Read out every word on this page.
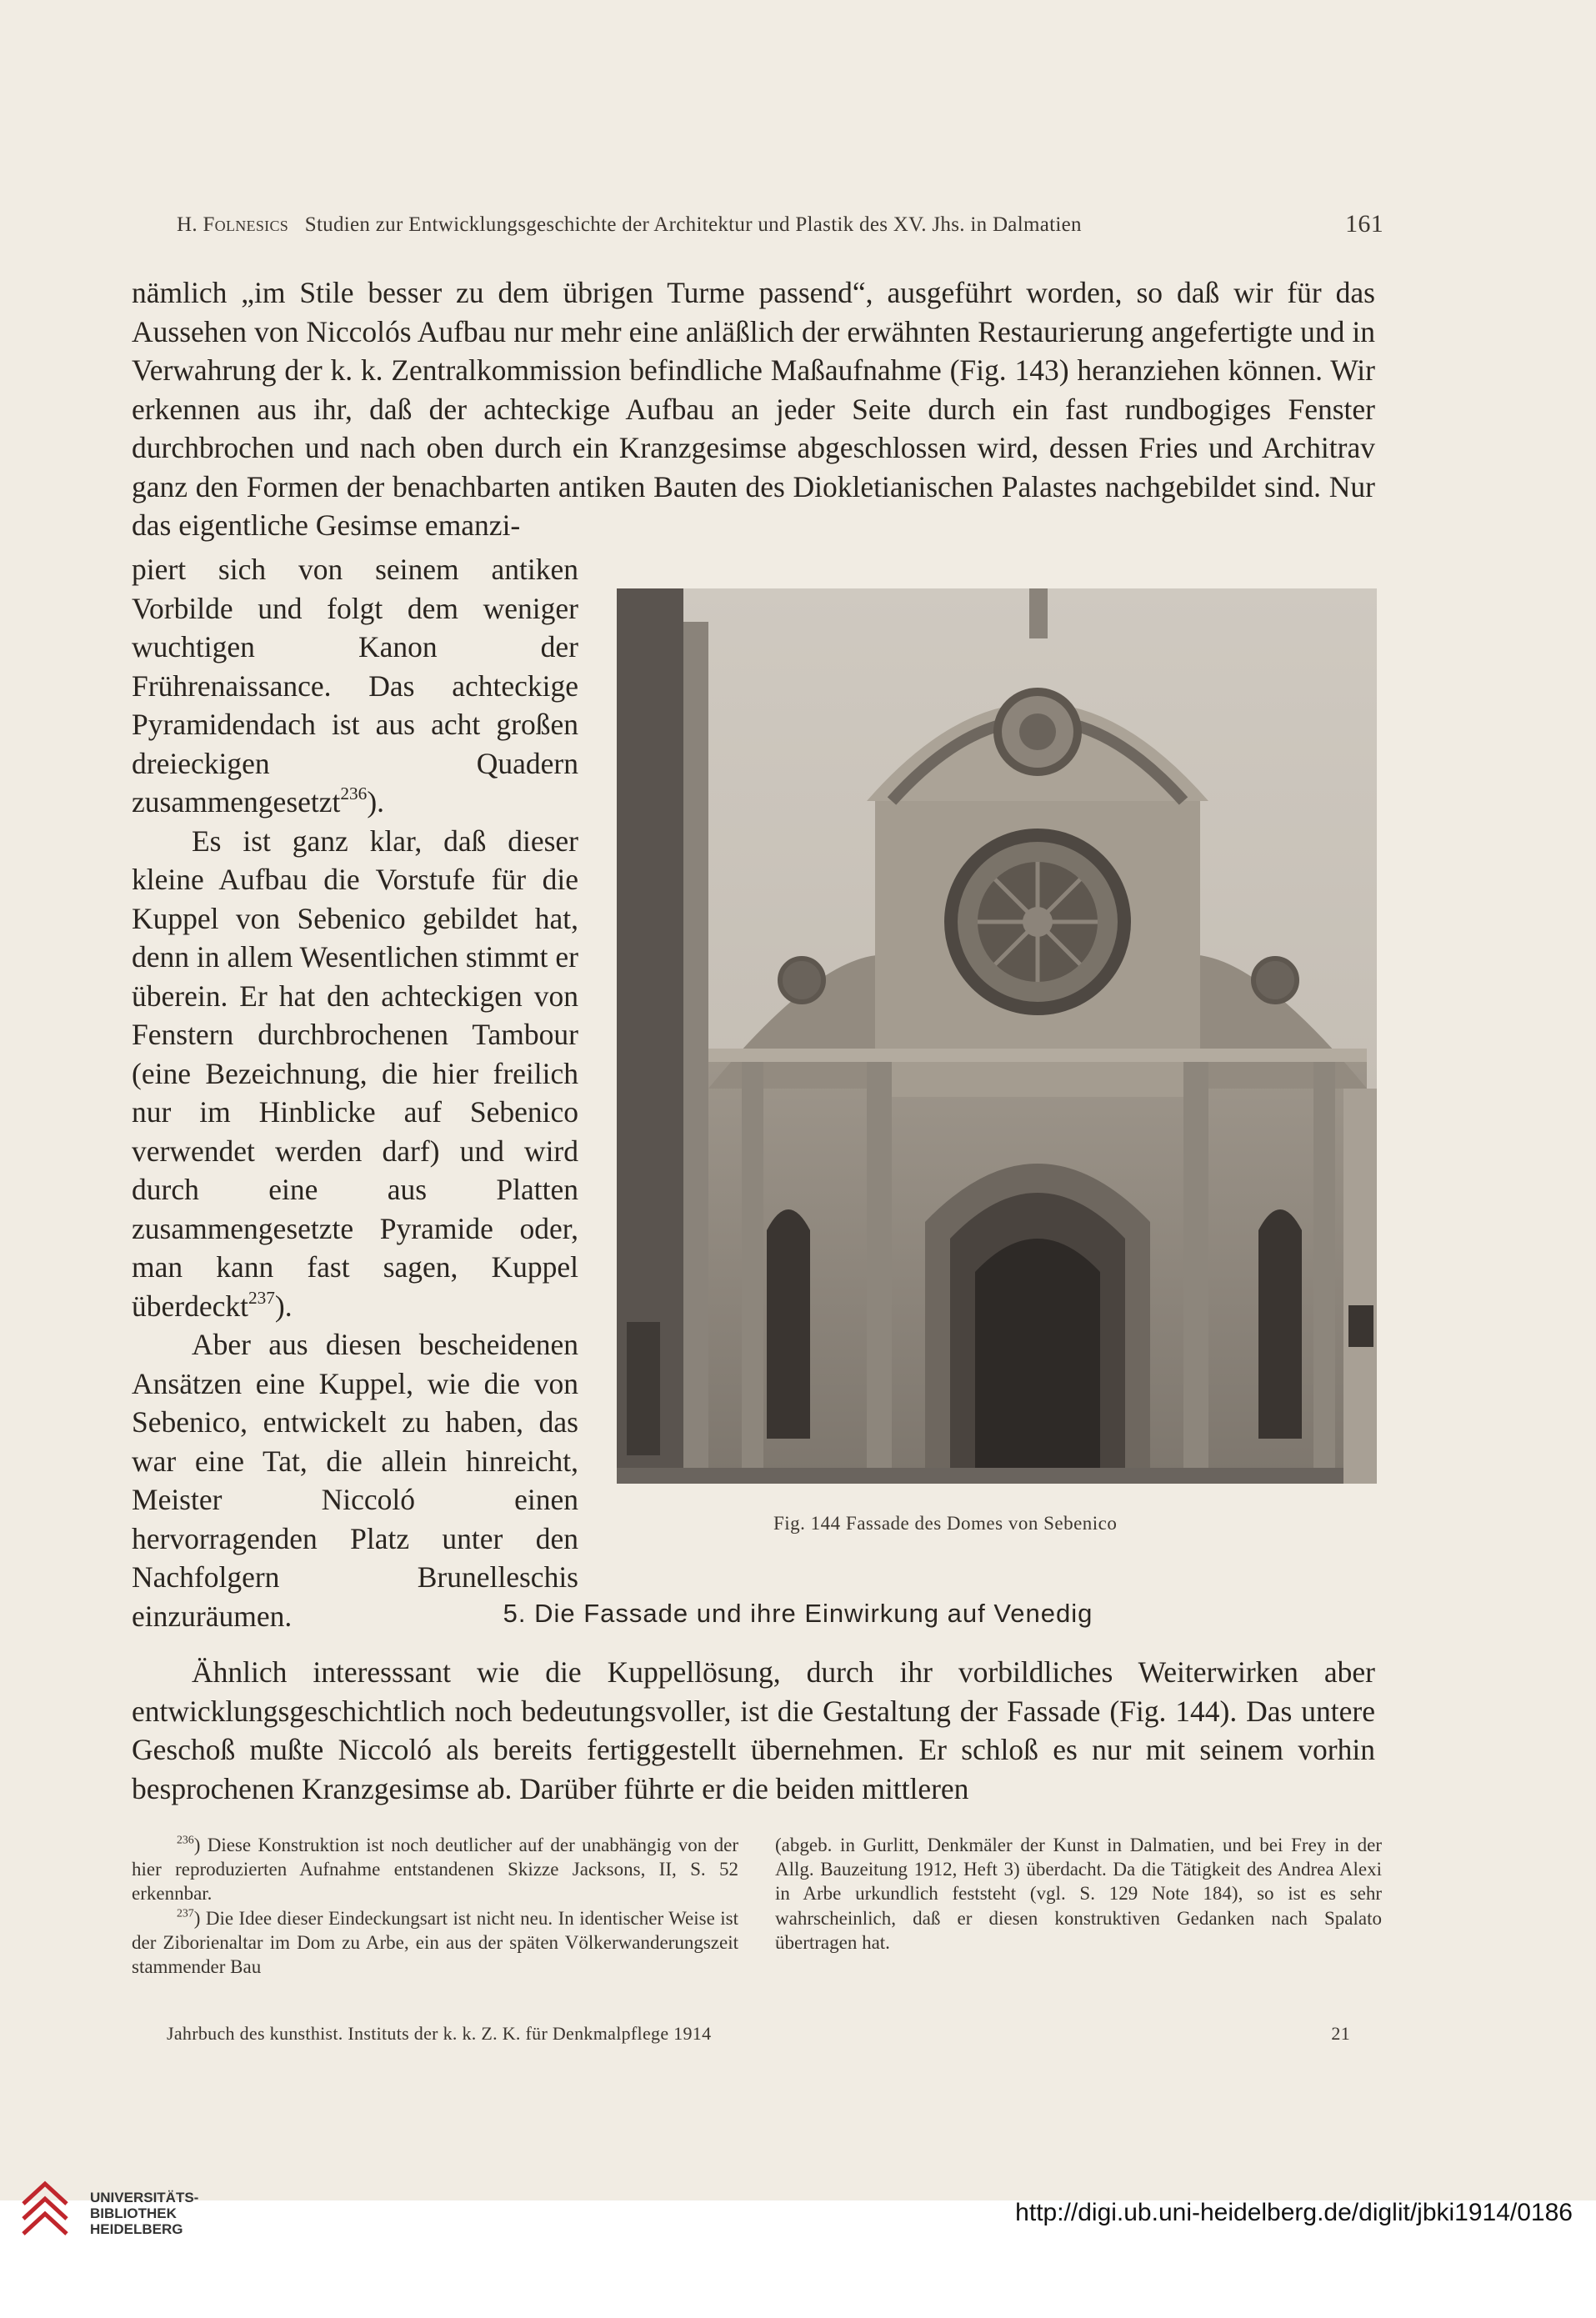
H. Folnesics Studien zur Entwicklungsgeschichte der Architektur und Plastik des XV. Jhs. in Dalmatien	161

nämlich „im Stile besser zu dem übrigen Turme passend“, ausgeführt worden, so daß wir für das Aussehen von Niccolós Aufbau nur mehr eine anläßlich der erwähnten Restaurierung angefertigte und in Verwahrung der k. k. Zentralkommission befindliche Maßaufnahme (Fig. 143) heranziehen können. Wir erkennen aus ihr, daß der achteckige Aufbau an jeder Seite durch ein fast rundbogiges Fenster durchbrochen und nach oben durch ein Kranzgesimse abgeschlossen wird, dessen Fries und Architrav ganz den Formen der benachbarten antiken Bauten des Diokletianischen Palastes nachgebildet sind. Nur das eigentliche Gesimse emanzi-

piert sich von seinem antiken Vorbilde und folgt dem weniger wuchtigen Kanon der Frührenaissance. Das achteckige Pyramidendach ist aus acht großen dreieckigen Quadern zusammengesetzt$^{236}$).

Es ist ganz klar, daß dieser kleine Aufbau die Vorstufe für die Kuppel von Sebenico gebildet hat, denn in allem Wesentlichen stimmt er überein. Er hat den achteckigen von Fenstern durchbrochenen Tambour (eine Bezeichnung, die hier freilich nur im Hinblicke auf Sebenico verwendet werden darf) und wird durch eine aus Platten zusammengesetzte Pyramide oder, man kann fast sagen, Kuppel überdeckt$^{237}$).

Aber aus diesen bescheidenen Ansätzen eine Kuppel, wie die von Sebenico, entwickelt zu haben, das war eine Tat, die allein hinreicht, Meister Niccoló einen hervorragenden Platz unter den Nachfolgern Brunelleschis einzuräumen.

Fig. 144 Fassade des Domes von Sebenico
5. Die Fassade und ihre Einwirkung auf Venedig

Ähnlich interesssant wie die Kuppellösung, durch ihr vorbildliches Weiterwirken aber entwicklungsgeschichtlich noch bedeutungsvoller, ist die Gestaltung der Fassade (Fig. 144). Das untere Geschoß mußte Niccoló als bereits fertiggestellt übernehmen. Er schloß es nur mit seinem vorhin besprochenen Kranzgesimse ab. Darüber führte er die beiden mittleren

$^{236}$) Diese Konstruktion ist noch deutlicher auf der unabhängig von der hier reproduzierten Aufnahme entstandenen Skizze Jacksons, II, S. 52 erkennbar.

$^{237}$) Die Idee dieser Eindeckungsart ist nicht neu. In identischer Weise ist der Ziborienaltar im Dom zu Arbe, ein aus der späten Völkerwanderungszeit stammender Bau

(abgeb. in Gurlitt, Denkmäler der Kunst in Dalmatien, und bei Frey in der Allg. Bauzeitung 1912, Heft 3) überdacht. Da die Tätigkeit des Andrea Alexi in Arbe urkundlich feststeht (vgl. S. 129 Note 184), so ist es sehr wahrscheinlich, daß er diesen konstruktiven Gedanken nach Spalato übertragen hat.

Jahrbuch des kunsthist. Instituts der k. k. Z. K. für Denkmalpflege 1914	21
UNIVERSITÄTS-
BIBLIOTHEK
HEIDELBERG
http://digi.ub.uni-heidelberg.de/diglit/jbki1914/0186
